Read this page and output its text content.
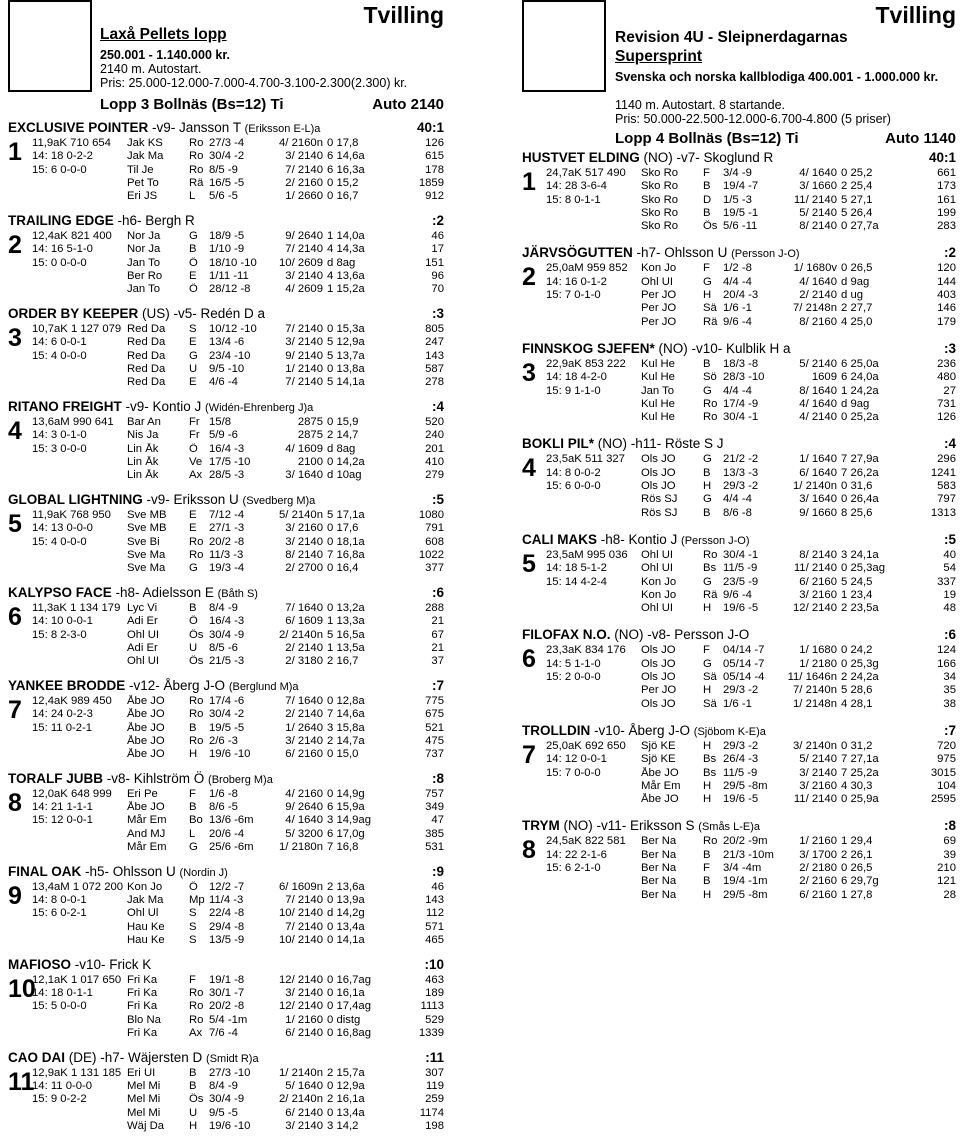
Tvilling
Laxå Pellets lopp
250.001 - 1.140.000 kr.
2140 m. Autostart.
Pris: 25.000-12.000-7.000-4.700-3.100-2.300(2.300) kr.
Lopp 3 Bollnäs (Bs=12) Ti	Auto 2140
EXCLUSIVE POINTER -v9- Jansson T (Eriksson E-L)a	40:1
1 11,9aK 710 654	Jak KS	Ro 27/3 -4	4/ 2160n 0 17,8	126
14: 18 0-2-2	Jak Ma	Ro 30/4 -2	3/ 2140 6 14,6a	615
15: 6 0-0-0	Til Je	Ro 8/5 -9	7/ 2140 6 16,3a	178
Pet To	Rä 16/5 -5	2/ 2160 0 15,2	1859
Eri JS	L	5/6 -5	1/ 2660 0 16,7	912
TRAILING EDGE -h6- Bergh R	:2
2 12,4aK 821 400	Nor Ja	G 18/9 -5	9/ 2640 1 14,0a	46
14: 16 5-1-0	Nor Ja	B	1/10 -9	7/ 2140 4 14,3a	17
15: 0 0-0-0	Jan To	Ö 18/10 -10	10/ 2609 d 8ag	151
Ber Ro	E	1/11 -11	3/ 2140 4 13,6a	96
Jan To	Ö 28/12 -8	4/ 2609 1 15,2a	70
ORDER BY KEEPER (US) -v5- Redén D a	:3
3 10,7aK 1 127 079 Red Da	S	10/12 -10	7/ 2140 0 15,3a	805
14: 6 0-0-1	Red Da	E	13/4 -6	3/ 2140 5 12,9a	247
15: 4 0-0-0	Red Da	G 23/4 -10	9/ 2140 5 13,7a	143
Red Da	U	9/5 -10	1/ 2140 0 13,8a	587
Red Da	E	4/6 -4	7/ 2140 5 14,1a	278
RITANO FREIGHT -v9- Kontio J (Widén-Ehrenberg J)a	:4
4 13,6aM 990 641	Bar An	Fr 15/8	2875 0 15,9	520
14: 3 0-1-0	Nis Ja	Fr 5/9 -6	2875 2 14,7	240
15: 3 0-0-0	Lin Åk	Ö 16/4 -3	4/ 1609 d 8ag	201
Lin Åk	Ve 17/5 -10	2100 0 14,2a	410
Lin Åk	Ax 28/5 -3	3/ 1640 d 10ag	279
GLOBAL LIGHTNING -v9- Eriksson U (Svedberg M)a	:5
5 11,9aK 768 950	Sve MB	E	7/12 -4	5/ 2140n 5 17,1a	1080
14: 13 0-0-0	Sve MB	E	27/1 -3	3/ 2160 0 17,6	791
15: 4 0-0-0	Sve Bi	Ro 20/2 -8	3/ 2140 0 18,1a	608
Sve Ma	Ro 11/3 -3	8/ 2140 7 16,8a	1022
Sve Ma	G 19/3 -4	2/ 2700 0 16,4	377
KALYPSO FACE -h8- Adielsson E (Båth S)	:6
6 11,3aK 1 134 179 Lyc Vi	B	8/4 -9	7/ 1640 0 13,2a	288
14: 10 0-0-1	Adi Er	Ö 16/4 -3	6/ 1609 1 13,3a	21
15: 8 2-3-0	Ohl UI	Ös 30/4 -9	2/ 2140n 5 16,5a	67
Adi Er	U	8/5 -6	2/ 2140 1 13,5a	21
Ohl UI	Ös 21/5 -3	2/ 3180 2 16,7	37
YANKEE BRODDE -v12- Åberg J-O (Berglund M)a	:7
7 12,4aK 989 450	Åbe JO	Ro 17/4 -6	7/ 1640 0 12,8a	775
14: 24 0-2-3	Åbe JO	Ro 30/4 -2	2/ 2140 7 14,6a	675
15: 11 0-2-1	Åbe JO	B	19/5 -5	1/ 2640 3 15,8a	521
Åbe JO	Ro 2/6 -3	3/ 2140 2 14,7a	475
Åbe JO	H	19/6 -10	6/ 2160 0 15,0	737
TORALF JUBB -v8- Kihlström Ö (Broberg M)a	:8
8 12,0aK 648 999	Eri Pe	F	1/6 -8	4/ 2160 0 14,9g	757
14: 21 1-1-1	Åbe JO	B	8/6 -5	9/ 2640 6 15,9a	349
15: 12 0-0-1	Mår Em	Bo 13/6 -6m	4/ 1640 3 14,9ag	47
And MJ	L	20/6 -4	5/ 3200 6 17,0g	385
Mår Em	G 25/6 -6m	1/ 2180n 7 16,8	531
FINAL OAK -h5- Ohlsson U (Nordin J)	:9
9 13,4aM 1 072 200 Kon Jo	Ö 12/2 -7	6/ 1609n 2 13,6a	46
14: 8 0-0-1	Jak Ma	Mp 11/4 -3	7/ 2140 0 13,9a	143
15: 6 0-2-1	Ohl Ul	S	22/4 -8	10/ 2140 d 14,2g	112
Hau Ke	S	29/4 -8	7/ 2140 0 13,4a	571
Hau Ke	S	13/5 -9	10/ 2140 0 14,1a	465
MAFIOSO -v10- Frick K	:10
10
12,1aK 1 017 650 Fri Ka	F	19/1 -8	12/ 2140 0 16,7ag	463
14: 18 0-1-1	Fri Ka	Ro 30/1 -7	3/ 2140 0 16,1a	189
15: 5 0-0-0	Fri Ka	Ro 20/2 -8	12/ 2140 0 17,4ag	1113
Blo Na	Ro 5/4 -1m	1/ 2160 0 distg	529
Fri Ka	Ax 7/6 -4	6/ 2140 0 16,8ag	1339
CAO DAI (DE) -h7- Wäjersten D (Smidt R)a	:11
11
12,9aK 1 131 185 Eri UI	B	27/3 -10	1/ 2140n 2 15,7a	307
14: 11 0-0-0	Mel Mi	B	8/4 -9	5/ 1640 0 12,9a	119
15: 9 0-2-2	Mel Mi	Ös 30/4 -9	2/ 2140n 2 16,1a	259
Mel Mi	U	9/5 -5	6/ 2140 0 13,4a	1174
Wäj Da	H	19/6 -10	3/ 2140 3 14,2	198
Tvilling
Revision 4U - Sleipnerdagarnas
Supersprint
Svenska och norska kallblodiga 400.001 - 1.000.000 kr.
1140 m. Autostart. 8 startande.
Pris: 50.000-22.500-12.000-6.700-4.800 (5 priser)
Lopp 4 Bollnäs (Bs=12) Ti	Auto 1140
HUSTVET ELDING (NO) -v7- Skoglund R	40:1
1 24,7aK 517 490	Sko Ro	F	3/4 -9	4/ 1640 0 25,2	661
14: 28 3-6-4	Sko Ro	B	19/4 -7	3/ 1660 2 25,4	173
15: 8 0-1-1	Sko Ro	D	1/5 -3	11/ 2140 5 27,1	161
Sko Ro	B	19/5 -1	5/ 2140 5 26,4	199
Sko Ro	Ös 5/6 -11	8/ 2140 0 27,7a	283
JÄRVSÖGUTTEN -h7- Ohlsson U (Persson J-O)	:2
2 25,0aM 959 852	Kon Jo	F	1/2 -8	1/ 1680v 0 26,5	120
14: 16 0-1-2	Ohl UI	G 4/4 -4	4/ 1640 d 9ag	144
15: 7 0-1-0	Per JO	H	20/4 -3	2/ 2140 d ug	403
Per JO	Sä 1/6 -1	7/ 2148n 2 27,7	146
Per JO	Rä 9/6 -4	8/ 2160 4 25,0	179
FINNSKOG SJEFEN* (NO) -v10- Kulblik H a	:3
3 22,9aK 853 222	Kul He	B	18/3 -8	5/ 2140 6 25,0a	236
14: 18 4-2-0	Kul He	Sö 28/3 -10	1609 6 24,0a	480
15: 9 1-1-0	Jan To	G 4/4 -4	8/ 1640 1 24,2a	27
Kul He	Ro 17/4 -9	4/ 1640 d 9ag	731
Kul He	Ro 30/4 -1	4/ 2140 0 25,2a	126
BOKLI PIL* (NO) -h11- Röste S J	:4
4 23,5aK 511 327	Ols JO	G 21/2 -2	1/ 1640 7 27,9a	296
14: 8 0-0-2	Ols JO	B	13/3 -3	6/ 1640 7 26,2a	1241
15: 6 0-0-0	Ols JO	H	29/3 -2	1/ 2140n 0 31,6	583
Rös SJ	G 4/4 -4	3/ 1640 0 26,4a	797
Rös SJ	B	8/6 -8	9/ 1660 8 25,6	1313
CALI MAKS -h8- Kontio J (Persson J-O)	:5
5 23,5aM 995 036	Ohl UI	Ro 30/4 -1	8/ 2140 3 24,1a	40
14: 18 5-1-2	Ohl UI	Bs 11/5 -9	11/ 2140 0 25,3ag	54
15: 14 4-2-4	Kon Jo	G 23/5 -9	6/ 2160 5 24,5	337
Kon Jo	Rä 9/6 -4	3/ 2160 1 23,4	19
Ohl UI	H	19/6 -5	12/ 2140 2 23,5a	48
FILOFAX N.O. (NO) -v8- Persson J-O	:6
6 23,3aK 834 176	Ols JO	F	04/14 -7	1/ 1680 0 24,2	124
14: 5 1-1-0	Ols JO	G 05/14 -7	1/ 2180 0 25,3g	166
15: 2 0-0-0	Ols JO	Sä 05/14 -4	11/ 1646n 2 24,2a	34
Per JO	H	29/3 -2	7/ 2140n 5 28,6	35
Ols JO	Sä 1/6 -1	1/ 2148n 4 28,1	38
TROLLDIN -v10- Åberg J-O (Sjöbom K-E)a	:7
7 25,0aK 692 650	Sjö KE	H	29/3 -2	3/ 2140n 0 31,2	720
14: 12 0-0-1	Sjö KE	Bs 26/4 -3	5/ 2140 7 27,1a	975
15: 7 0-0-0	Åbe JO	Bs 11/5 -9	3/ 2140 7 25,2a	3015
Mår Em	H	29/5 -8m	3/ 2160 4 30,3	104
Åbe JO	H	19/6 -5	11/ 2140 0 25,9a	2595
TRYM (NO) -v11- Eriksson S (Smås L-E)a	:8
8 24,5aK 822 581	Ber Na	Ro 20/2 -9m	1/ 2160 1 29,4	69
14: 22 2-1-6	Ber Na	B	21/3 -10m	3/ 1700 2 26,1	39
15: 6 2-1-0	Ber Na	F	3/4 -4m	2/ 2180 0 26,5	210
Ber Na	B	19/4 -1m	2/ 2160 6 29,7g	121
Ber Na	H	29/5 -8m	6/ 2160 1 27,8	28
